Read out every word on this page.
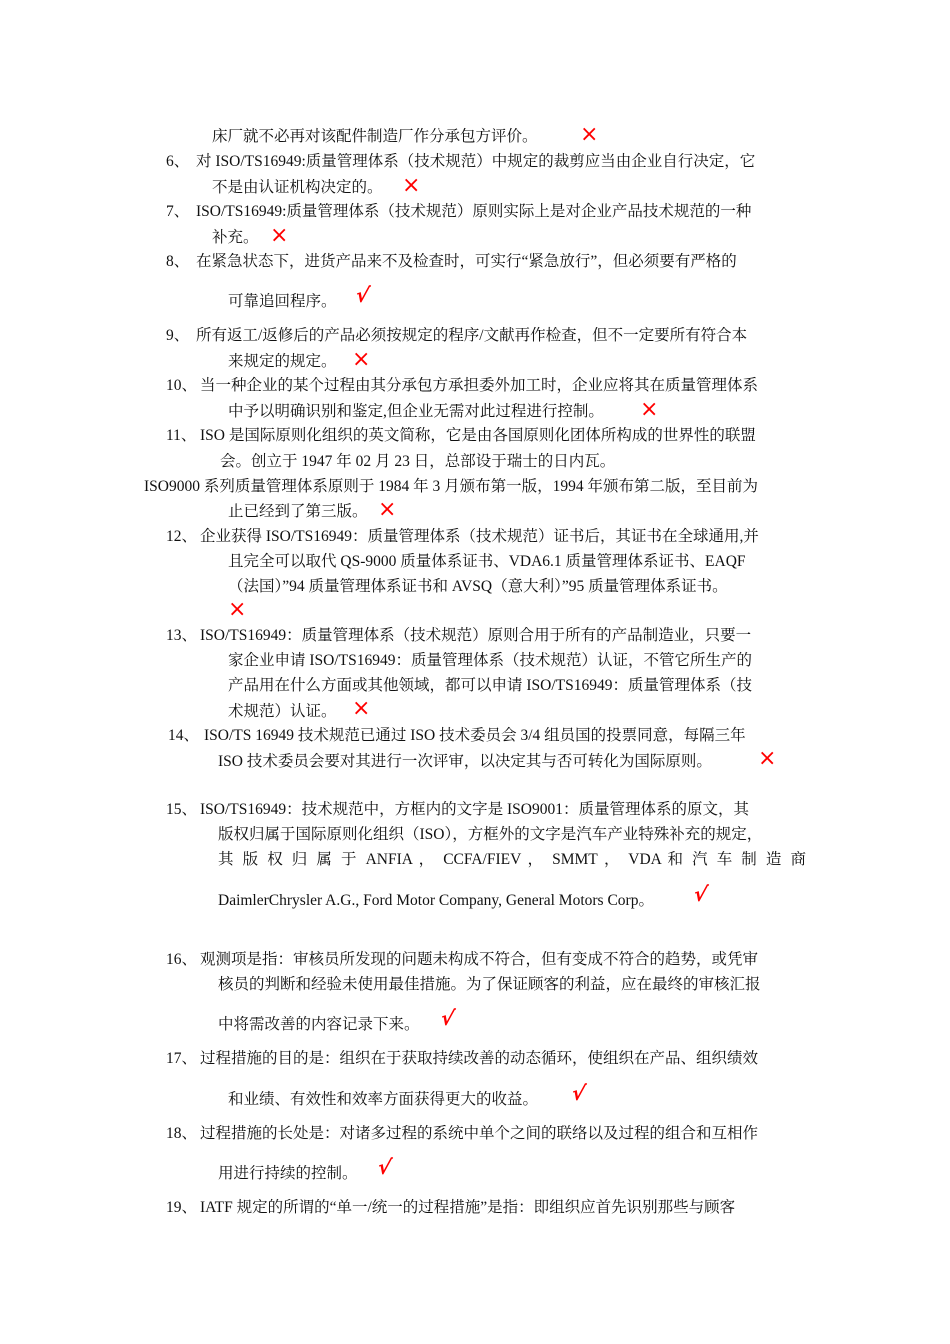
床厂就不必再对该配件制造厂作分承包方评价。 ×
6、 对 ISO/TS16949:质量管理体系（技术规范）中规定的裁剪应当由企业自行决定，它
不是由认证机构决定的。 ×
7、 ISO/TS16949:质量管理体系（技术规范）原则实际上是对企业产品技术规范的一种
补充。 ×
8、 在紧急状态下，进货产品来不及检查时，可实行“紧急放行”，但必须要有严格的
可靠追回程序。 √
9、 所有返工/返修后的产品必须按规定的程序/文献再作检查，但不一定要所有符合本
来规定的规定。 ×
10、 当一种企业的某个过程由其分承包方承担委外加工时，企业应将其在质量管理体系
中予以明确识别和鉴定,但企业无需对此过程进行控制。 ×
11、 ISO 是国际原则化组织的英文简称，它是由各国原则化团体所构成的世界性的联盟
会。创立于 1947 年 02 月 23 日，总部设于瑞士的日内瓦。
ISO9000 系列质量管理体系原则于 1984 年 3 月颁布第一版，1994 年颁布第二版，至目前为
止已经到了第三版。 ×
12、 企业获得 ISO/TS16949：质量管理体系（技术规范）证书后，其证书在全球通用,并
且完全可以取代 QS-9000 质量体系证书、VDA6.1 质量管理体系证书、EAQF
（法国）”94 质量管理体系证书和 AVSQ（意大利）”95 质量管理体系证书。
×
13、 ISO/TS16949：质量管理体系（技术规范）原则合用于所有的产品制造业，只要一
家企业申请 ISO/TS16949：质量管理体系（技术规范）认证，不管它所生产的
产品用在什么方面或其他领域，都可以申请 ISO/TS16949：质量管理体系（技
术规范）认证。 ×
14、 ISO/TS 16949 技术规范已通过 ISO 技术委员会 3/4 组员国的投票同意，每隔三年
ISO 技术委员会要对其进行一次评审，以决定其与否可转化为国际原则。 ×
15、 ISO/TS16949：技术规范中，方框内的文字是 ISO9001：质量管理体系的原文，其
版权归属于国际原则化组织（ISO），方框外的文字是汽车产业特殊补充的规定，
其 版 权 归 属 于 ANFIA ， CCFA/FIEV ， SMMT ， VDA 和 汽 车 制 造 商
DaimlerChrysler A.G., Ford Motor Company, General Motors Corp。 √
16、 观测项是指：审核员所发现的问题未构成不符合，但有变成不符合的趋势，或凭审
核员的判断和经验未使用最佳措施。为了保证顾客的利益，应在最终的审核汇报
中将需改善的内容记录下来。 √
17、 过程措施的目的是：组织在于获取持续改善的动态循环，使组织在产品、组织绩效
和业绩、有效性和效率方面获得更大的收益。 √
18、 过程措施的长处是：对诸多过程的系统中单个之间的联络以及过程的组合和互相作
用进行持续的控制。 √
19、 IATF 规定的所谓的“单一/统一的过程措施”是指：即组织应首先识别那些与顾客
